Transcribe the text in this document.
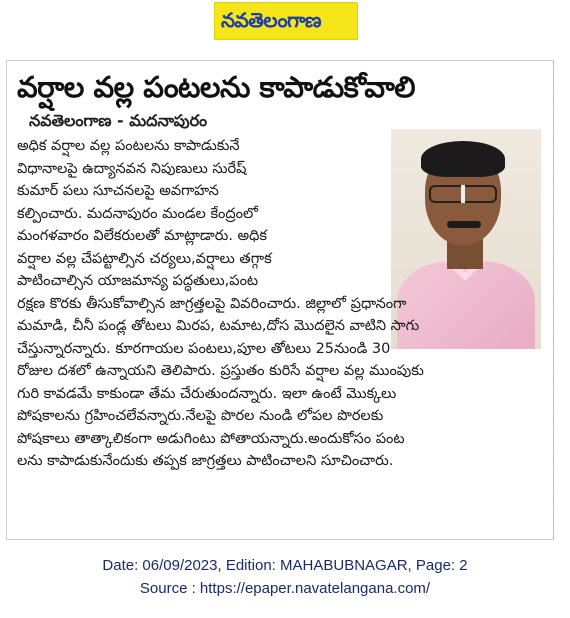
నవతెలంగాణ
వర్షాల వల్ల పంటలను కాపాడుకోవాలి
నవతెలంగాణ - మదనాపురం
అధిక వర్షాల వల్ల పంటలను కాపాడుకునే
విధానాలపై ఉద్యానవన నిపుణులు సురేష్
కుమార్ పలు సూచనలపై అవగాహన
కల్పించారు. మదనాపురం మండల కేంద్రంలో
మంగళవారం విలేకరులతో మాట్లాడారు. అధిక
వర్షాల వల్ల చేపట్టాల్సిన చర్యలు,వర్షాలు తగ్గాక
పాటించాల్సిన యాజమాన్య పద్ధతులు,పంట
రక్షణ కొరకు తీసుకోవాల్సిన జాగ్రత్తలపై వివరించారు. జిల్లాలో ప్రధానంగా
మమాడి, చీనీ పండ్ల తోటలు మిరప, టమాట,దోస మొదలైన వాటిని సాగు
చేస్తున్నారన్నారు. కూరగాయల పంటలు,పూల తోటలు 25నుండి 30
రోజుల దశలో ఉన్నాయని తెలిపారు. ప్రస్తుతం కురిసే వర్షాల వల్ల ముంపుకు
గురి కావడమే కాకుండా తేమ చేరుతుందన్నారు. ఇలా ఉంటే మొక్కలు
పోషకాలను గ్రహించలేవన్నారు.నేలపై పొరల నుండి లోపల పొరలకు
పోషకాలు తాత్కాలికంగా అడుగింటు పోతాయన్నారు.అందుకోసం పంట
లను కాపాడుకునేందుకు తప్పక జాగ్రత్తలు పాటించాలని సూచించారు.
Date: 06/09/2023, Edition: MAHABUBNAGAR, Page: 2
Source : https://epaper.navatelangana.com/
